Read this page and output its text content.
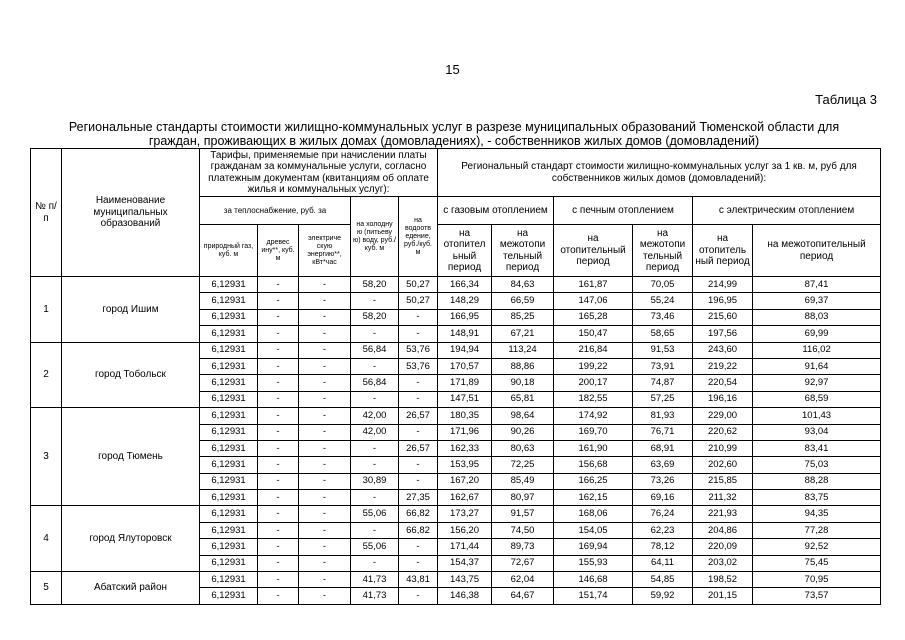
15
Таблица 3
Региональные стандарты стоимости жилищно-коммунальных услуг в разрезе муниципальных образований Тюменской области для
граждан, проживающих в жилых домах (домовладениях), - собственников жилых домов (домовладений)
№ п/п	Наименование муниципальных образований	Тарифы, применяемые при начислении платы гражданам за коммунальные услуги, согласно платежным документам (квитанциям об оплате жилья и коммунальных услуг):					Региональный стандарт стоимости жилищно-коммунальных услуг за 1 кв. м, руб для собственников жилых домов (домовладений):					
		за теплоснабжение, руб. за			на холодну ю (питьеву ю) воду, руб./куб. м	на водоотв едение, руб./куб. м	с газовым отоплением		с печным отоплением		с электрическим отоплением	
		природный газ, куб. м	древес ину**, куб. м	электриче скую энергию**, кВт*час			на отопител ьный период	на межотопи тельный период	на отопительный период	на межотопи тельный период	на отопитель ный период	на межотопительный период
1	город Ишим	6,12931	-	-	58,20	50,27	166,34	84,63	161,87	70,05	214,99	87,41
		6,12931	-	-	-	50,27	148,29	66,59	147,06	55,24	196,95	69,37
		6,12931	-	-	58,20	-	166,95	85,25	165,28	73,46	215,60	88,03
		6,12931	-	-	-	-	148,91	67,21	150,47	58,65	197,56	69,99
2	город Тобольск	6,12931	-	-	56,84	53,76	194,94	113,24	216,84	91,53	243,60	116,02
		6,12931	-	-	-	53,76	170,57	88,86	199,22	73,91	219,22	91,64
		6,12931	-	-	56,84	-	171,89	90,18	200,17	74,87	220,54	92,97
		6,12931	-	-	-	-	147,51	65,81	182,55	57,25	196,16	68,59
3	город Тюмень	6,12931	-	-	42,00	26,57	180,35	98,64	174,92	81,93	229,00	101,43
		6,12931	-	-	42,00	-	171,96	90,26	169,70	76,71	220,62	93,04
		6,12931	-	-	-	26,57	162,33	80,63	161,90	68,91	210,99	83,41
		6,12931	-	-	-	-	153,95	72,25	156,68	63,69	202,60	75,03
		6,12931	-	-	30,89	-	167,20	85,49	166,25	73,26	215,85	88,28
		6,12931	-	-	-	27,35	162,67	80,97	162,15	69,16	211,32	83,75
4	город Ялуторовск	6,12931	-	-	55,06	66,82	173,27	91,57	168,06	76,24	221,93	94,35
		6,12931	-	-	-	66,82	156,20	74,50	154,05	62,23	204,86	77,28
		6,12931	-	-	55,06	-	171,44	89,73	169,94	78,12	220,09	92,52
		6,12931	-	-	-	-	154,37	72,67	155,93	64,11	203,02	75,45
5	Абатский район	6,12931	-	-	41,73	43,81	143,75	62,04	146,68	54,85	198,52	70,95
		6,12931	-	-	41,73	-	146,38	64,67	151,74	59,92	201,15	73,57
